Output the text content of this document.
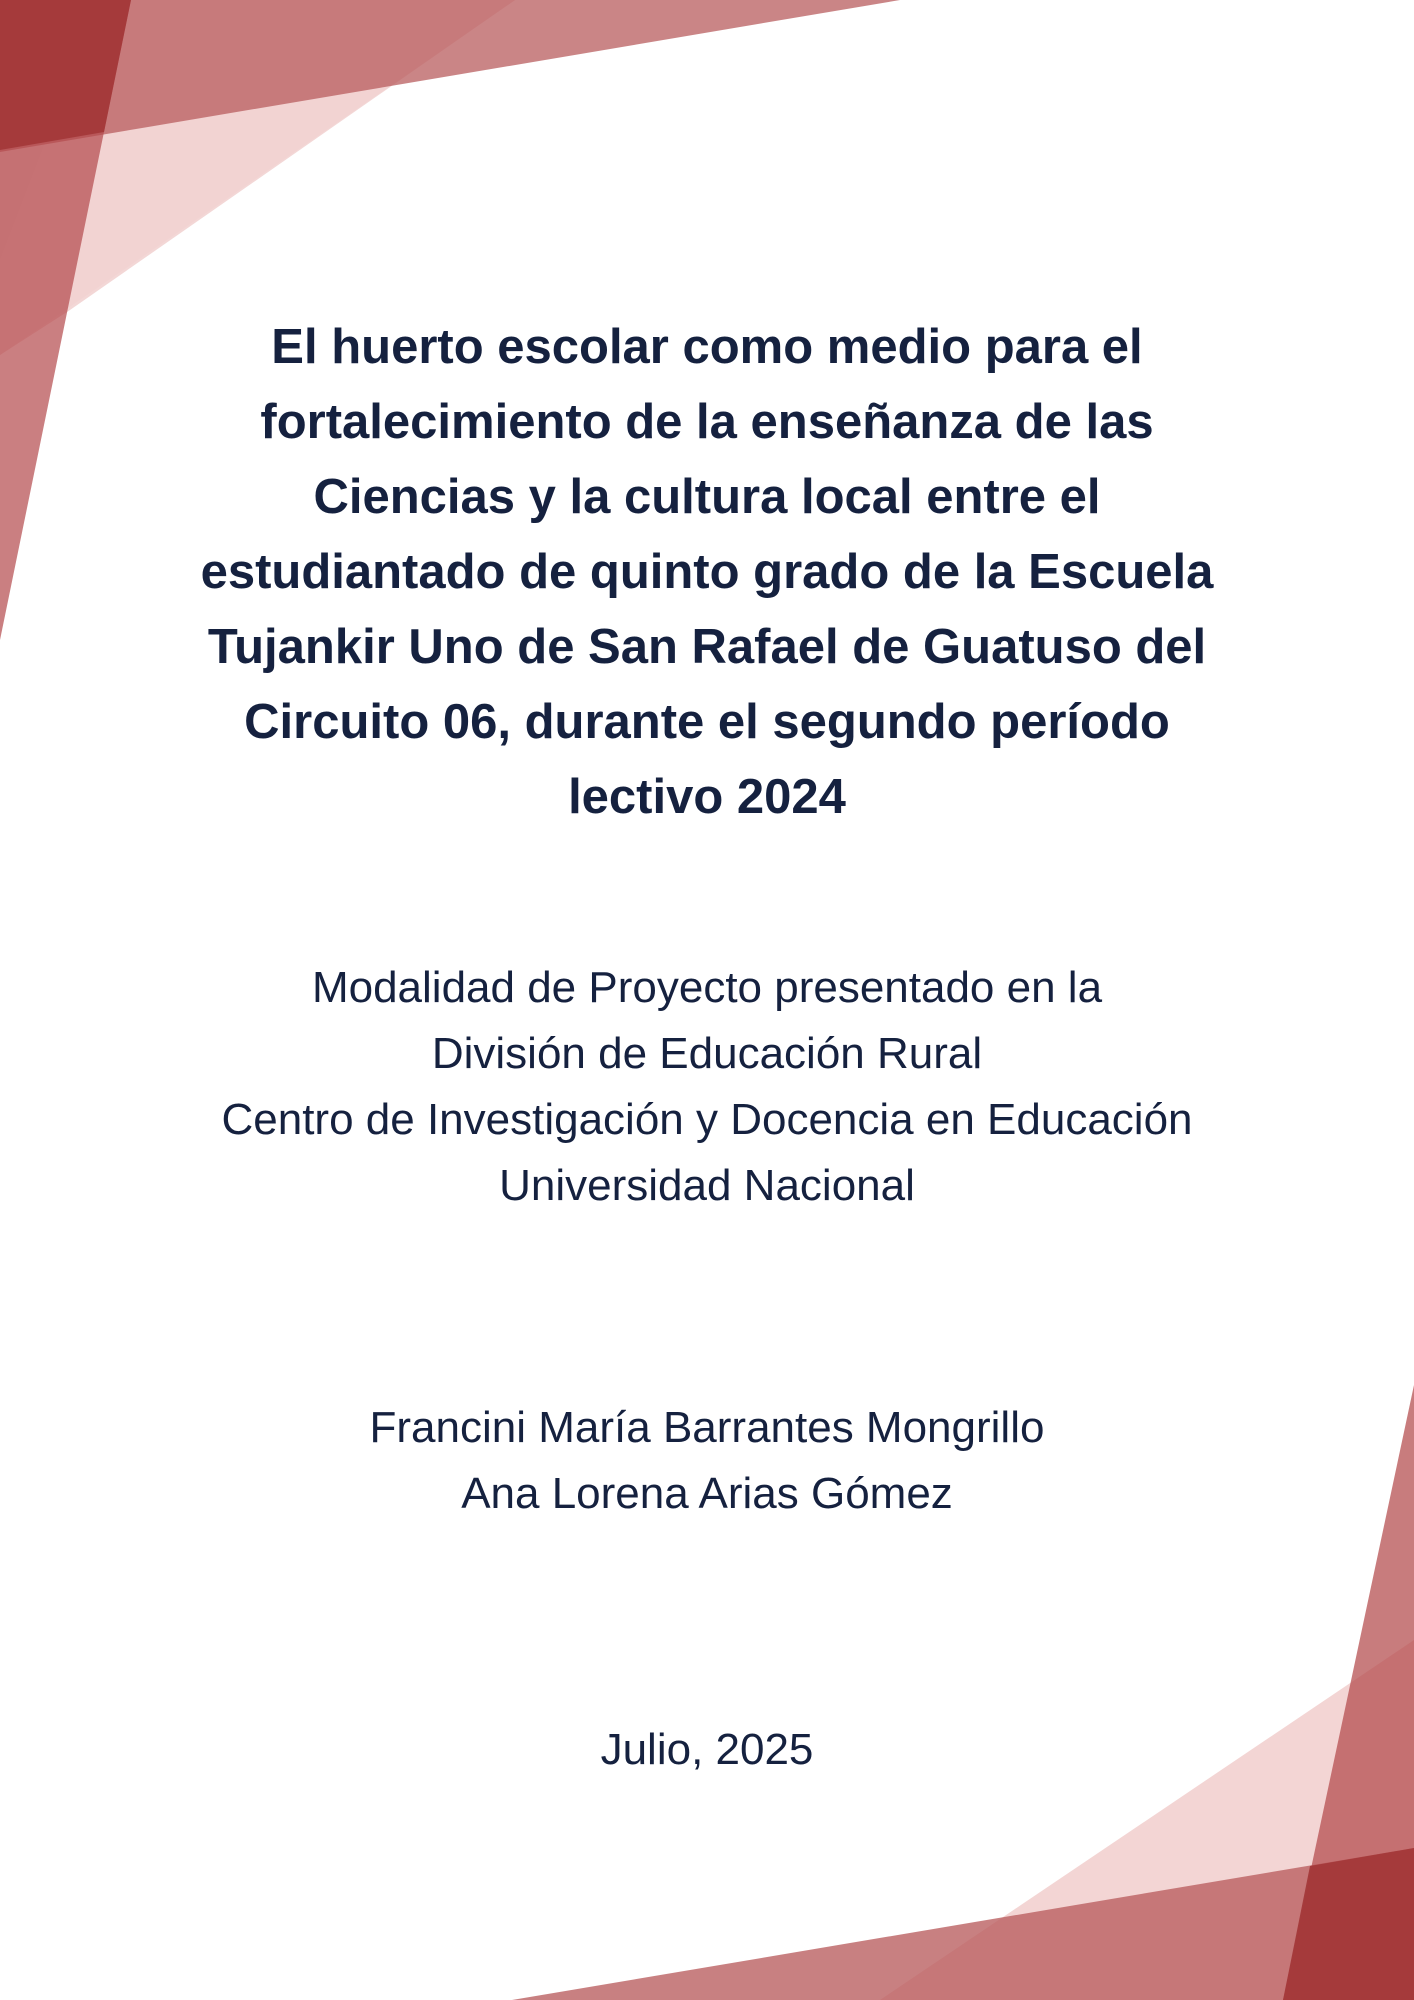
El huerto escolar como medio para el fortalecimiento de la enseñanza de las Ciencias y la cultura local entre el estudiantado de quinto grado de la Escuela Tujankir Uno de San Rafael de Guatuso del Circuito 06, durante el segundo período lectivo 2024
Modalidad de Proyecto presentado en la
División de Educación Rural
Centro de Investigación y Docencia en Educación
Universidad Nacional
Francini María Barrantes Mongrillo
Ana Lorena Arias Gómez
Julio, 2025
